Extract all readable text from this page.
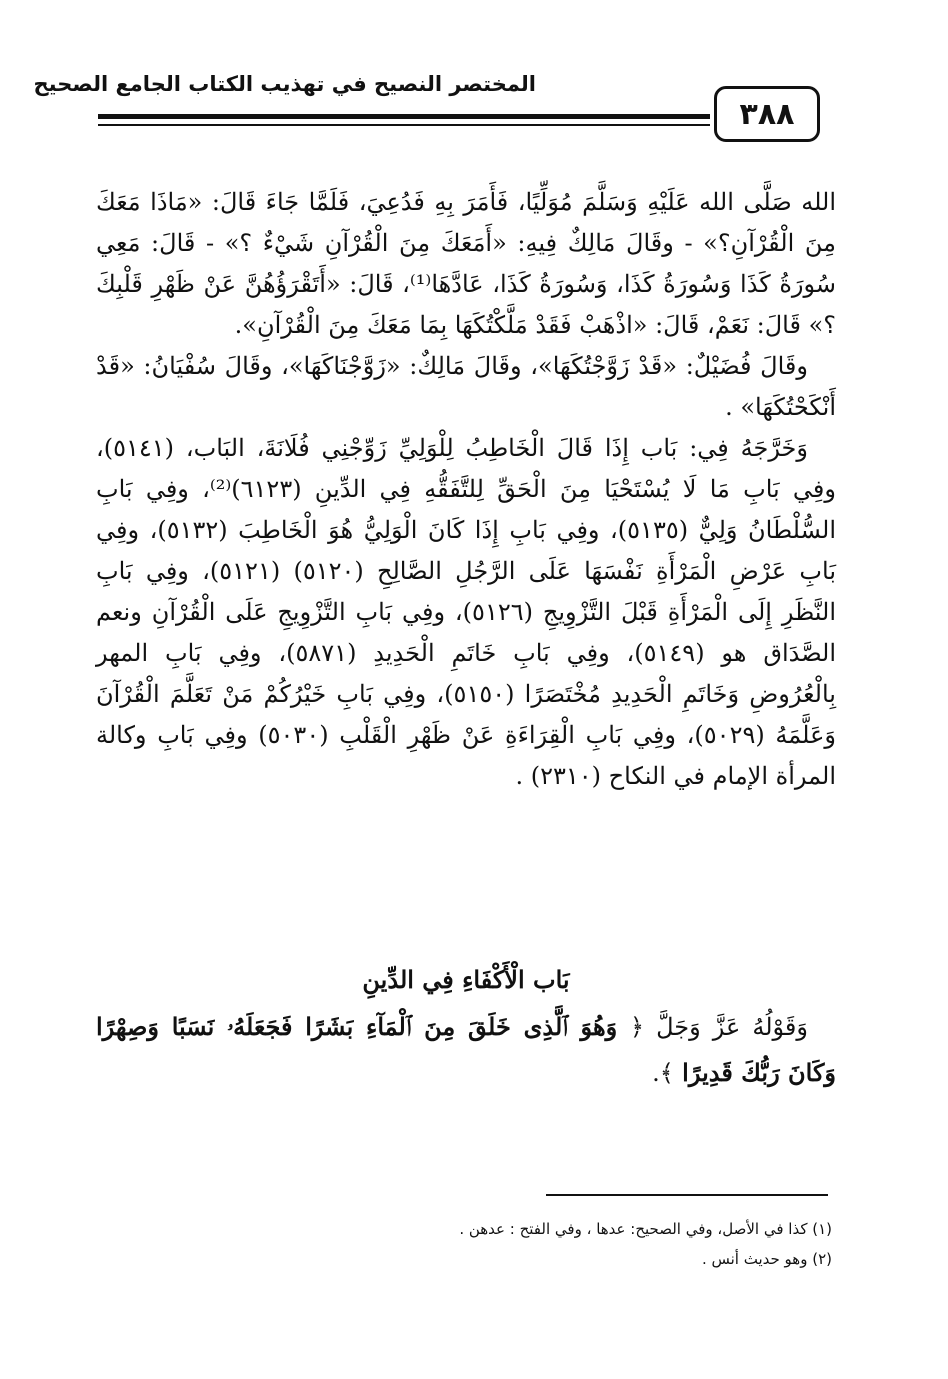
المختصر النصيح في تهذيب الكتاب الجامع الصحيح
٣٨٨

الله صَلَّى الله عَلَيْهِ وَسَلَّمَ مُوَلِّيًا، فَأَمَرَ بِهِ فَدُعِيَ، فَلَمَّا جَاءَ قَالَ: «مَاذَا مَعَكَ مِنَ الْقُرْآنِ؟» - وقَالَ مَالِكٌ فِيهِ: «أَمَعَكَ مِنَ الْقُرْآنِ شَيْءٌ ؟» - قَالَ: مَعِي سُورَةُ كَذَا وَسُورَةُ كَذَا، وَسُورَةُ كَذَا، عَادَّهَا⁽¹⁾، قَالَ: «أَتَقْرَؤُهُنَّ عَنْ ظَهْرِ قَلْبِكَ ؟» قَالَ: نَعَمْ، قَالَ: «اذْهَبْ فَقَدْ مَلَّكْتُكَهَا بِمَا مَعَكَ مِنَ الْقُرْآنِ».

وقَالَ فُضَيْلٌ: «قَدْ زَوَّجْتُكَهَا»، وقَالَ مَالِكٌ: «زَوَّجْنَاكَهَا»، وقَالَ سُفْيَانُ: «قَدْ أَنْكَحْتُكَهَا» .

وَخَرَّجَهُ فِي: بَاب إِذَا قَالَ الْخَاطِبُ لِلْوَلِيِّ زَوِّجْنِي فُلَانَةَ، البَاب، (٥١٤١)، وفِي بَابِ مَا لَا يُسْتَحْيَا مِنَ الْحَقِّ لِلتَّفَقُّهِ فِي الدِّينِ (٦١٢٣)⁽²⁾، وفِي بَابِ السُّلْطَانُ وَلِيٌّ (٥١٣٥)، وفِي بَابِ إِذَا كَانَ الْوَلِيُّ هُوَ الْخَاطِبَ (٥١٣٢)، وفِي بَابِ عَرْضِ الْمَرْأَةِ نَفْسَهَا عَلَى الرَّجُلِ الصَّالِحِ (٥١٢٠) (٥١٢١)، وفِي بَابِ النَّظَرِ إِلَى الْمَرْأَةِ قَبْلَ التَّزْوِيجِ (٥١٢٦)، وفِي بَابِ التَّزْوِيجِ عَلَى الْقُرْآنِ ونعم الصَّدَاق هو (٥١٤٩)، وفِي بَابِ خَاتَمِ الْحَدِيدِ (٥٨٧١)، وفِي بَابِ المهر بِالْعُرُوضِ وَخَاتَمِ الْحَدِيدِ مُخْتَصَرًا (٥١٥٠)، وفِي بَابِ خَيْرُكُمْ مَنْ تَعَلَّمَ الْقُرْآنَ وَعَلَّمَهُ (٥٠٢٩)، وفِي بَابِ الْقِرَاءَةِ عَنْ ظَهْرِ الْقَلْبِ (٥٠٣٠) وفِي بَابِ وكالة المرأة الإمام في النكاح (٢٣١٠) .

بَاب الْأَكْفَاءِ فِي الدِّينِ

وَقَوْلُهُ عَزَّ وَجَلَّ ﴿ وَهُوَ ٱلَّذِى خَلَقَ مِنَ ٱلْمَآءِ بَشَرًا فَجَعَلَهُۥ نَسَبًا وَصِهْرًا وَكَانَ رَبُّكَ قَدِيرًا ﴾.

(١) كذا في الأصل، وفي الصحيح: عدها ، وفي الفتح : عدهن .

(٢) وهو حديث أنس .
